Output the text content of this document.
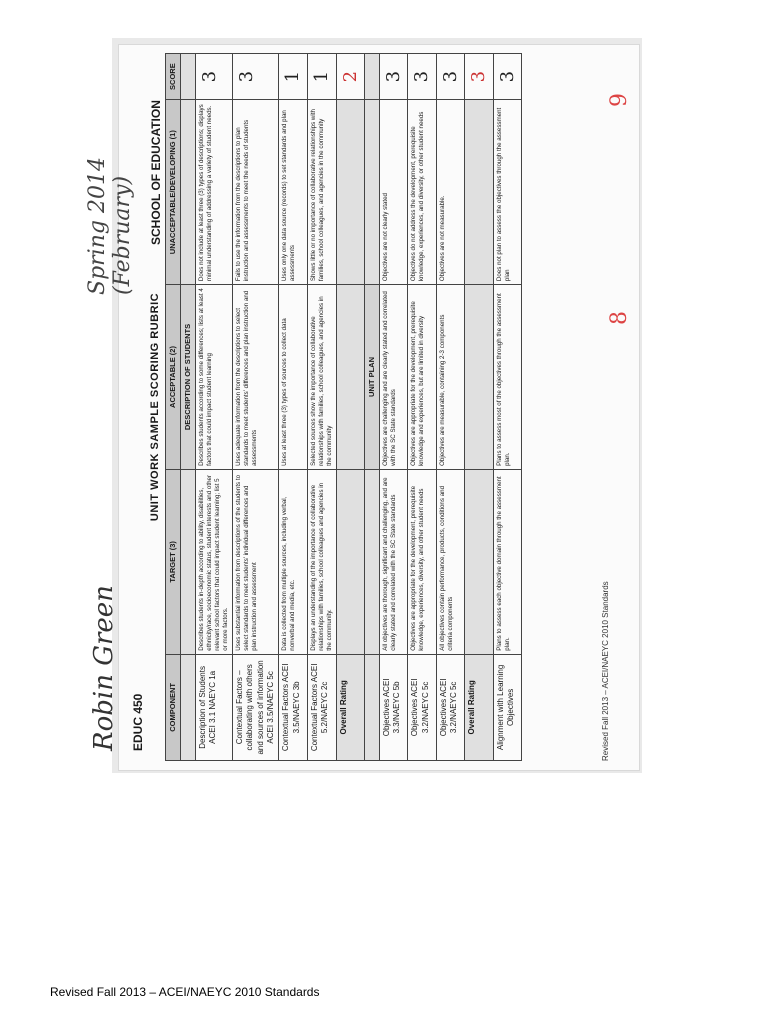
EDUC 450
Robin Green
UNIT WORK SAMPLE SCORING RUBRIC
Spring 2014 (February) SCHOOL OF EDUCATION
COMPONENT	TARGET (3)	ACCEPTABLE (2)	UNACCEPTABLE/DEVELOPING (1)	SCORE
		DESCRIPTION OF STUDENTS		
Description of Students ACEI 3.1 NAEYC 1a	Describes students in-depth according to ability, disabilities, ethnicity/race, socioeconomic status, student interests and other relevant school factors that could impact student learning; list 5 or more factors.	Describes students according to some differences; lists at least 4 factors that could impact student learning	Does not include at least three (3) types of descriptions; displays minimal understanding of addressing a variety of student needs.	3
Contextual Factors – collaborating with others and sources of information ACEI 3.5/NAEYC 5c	Uses substantial information from descriptions of the students to select standards to meet students' individual differences and plan instruction and assessment	Uses adequate information from the descriptions to select standards to meet students' differences and plan instruction and assessments	Fails to use the information from the descriptions to plan instruction and assessments to meet the needs of students	3
Contextual Factors ACEI 3.5/NAEYC 3b	Data is collected from multiple sources, including verbal, nonverbal and media, etc.	Uses at least three (3) types of sources to collect data	Uses only one data source (records) to set standards and plan assessments	1
Contextual Factors ACEI 5.2/NAEYC 2c	Displays an understanding of the importance of collaborative relationships with families, school colleagues and agencies in the community.	Selected sources show the importance of collaborative relationships with families, school colleagues, and agencies in the community	Shows little or no importance of collaborative relationships with families, school colleagues, and agencies in the community	1
Overall Rating				2
		UNIT PLAN		
Objectives ACEI 3.3/NAEYC 5b	All objectives are thorough, significant and challenging, and are clearly stated and correlated with the SC State standards	Objectives are challenging and are clearly stated and correlated with the SC State standards	Objectives are not clearly stated	3
Objectives ACEI 3.2/NAEYC 5c	Objectives are appropriate for the development, prerequisite knowledge, experiences, diversity, and other student needs	Objectives are appropriate for the development, prerequisite knowledge and experiences, but are limited in diversity	Objectives do not address the development, prerequisite knowledge, experiences, and diversity, or other student needs	3
Objectives ACEI 3.2/NAEYC 5c	All objectives contain performance, products, conditions and criteria components	Objectives are measurable, containing 2-3 components	Objectives are not measurable.	3
Overall Rating				3
Alignment with Learning Objectives	Plans to assess each objective domain through the assessment plan.	Plans to assess most of the objectives through the assessment plan.	Does not plan to assess the objectives through the assessment plan	3
8
9
Revised Fall 2013 – ACEI/NAEYC 2010 Standards
Revised Fall 2013 – ACEI/NAEYC 2010 Standards
